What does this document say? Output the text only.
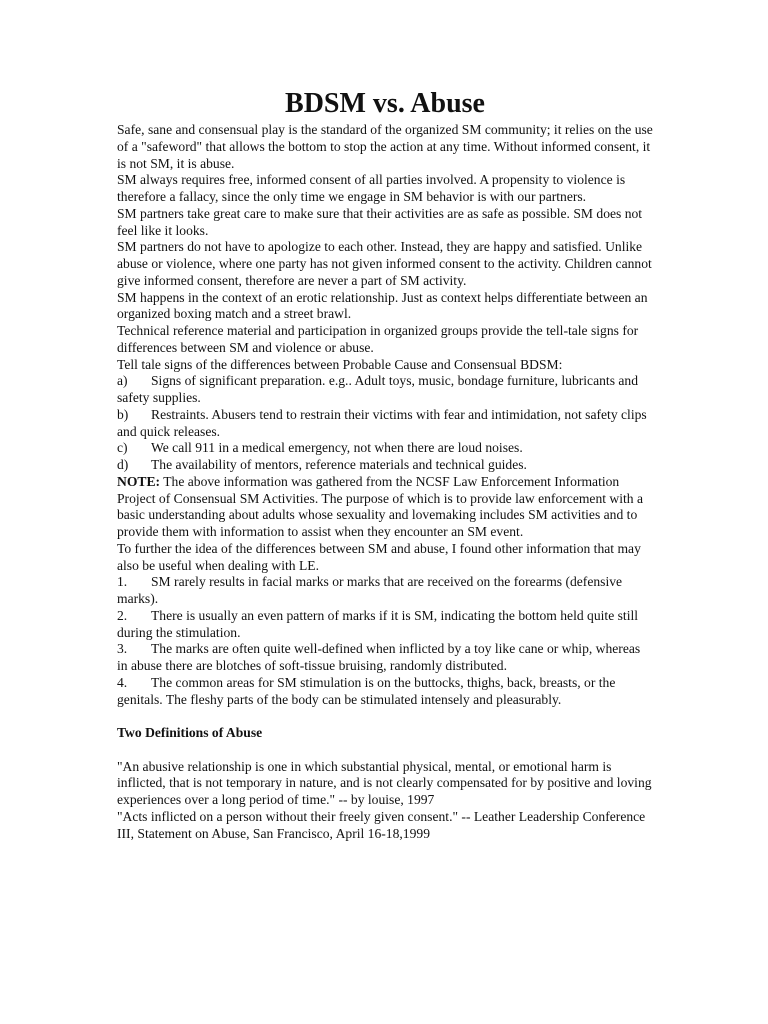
BDSM vs. Abuse

Safe, sane and consensual play is the standard of the organized SM community; it relies on the use of a "safeword" that allows the bottom to stop the action at any time. Without informed consent, it is not SM, it is abuse.

SM always requires free, informed consent of all parties involved. A propensity to violence is therefore a fallacy, since the only time we engage in SM behavior is with our partners.

SM partners take great care to make sure that their activities are as safe as possible. SM does not feel like it looks.

SM partners do not have to apologize to each other. Instead, they are happy and satisfied. Unlike abuse or violence, where one party has not given informed consent to the activity. Children cannot give informed consent, therefore are never a part of SM activity.

SM happens in the context of an erotic relationship. Just as context helps differentiate between an organized boxing match and a street brawl.

Technical reference material and participation in organized groups provide the tell-tale signs for differences between SM and violence or abuse.

Tell tale signs of the differences between Probable Cause and Consensual BDSM:

a) Signs of significant preparation. e.g.. Adult toys, music, bondage furniture, lubricants and safety supplies.

b) Restraints. Abusers tend to restrain their victims with fear and intimidation, not safety clips and quick releases.

c) We call 911 in a medical emergency, not when there are loud noises.

d) The availability of mentors, reference materials and technical guides.

NOTE: The above information was gathered from the NCSF Law Enforcement Information Project of Consensual SM Activities. The purpose of which is to provide law enforcement with a basic understanding about adults whose sexuality and lovemaking includes SM activities and to provide them with information to assist when they encounter an SM event.

To further the idea of the differences between SM and abuse, I found other information that may also be useful when dealing with LE.

1. SM rarely results in facial marks or marks that are received on the forearms (defensive marks).

2. There is usually an even pattern of marks if it is SM, indicating the bottom held quite still during the stimulation.

3. The marks are often quite well-defined when inflicted by a toy like cane or whip, whereas in abuse there are blotches of soft-tissue bruising, randomly distributed.

4. The common areas for SM stimulation is on the buttocks, thighs, back, breasts, or the genitals. The fleshy parts of the body can be stimulated intensely and pleasurably.

Two Definitions of Abuse

"An abusive relationship is one in which substantial physical, mental, or emotional harm is inflicted, that is not temporary in nature, and is not clearly compensated for by positive and loving experiences over a long period of time." -- by louise, 1997

"Acts inflicted on a person without their freely given consent." -- Leather Leadership Conference III, Statement on Abuse, San Francisco, April 16-18,1999
